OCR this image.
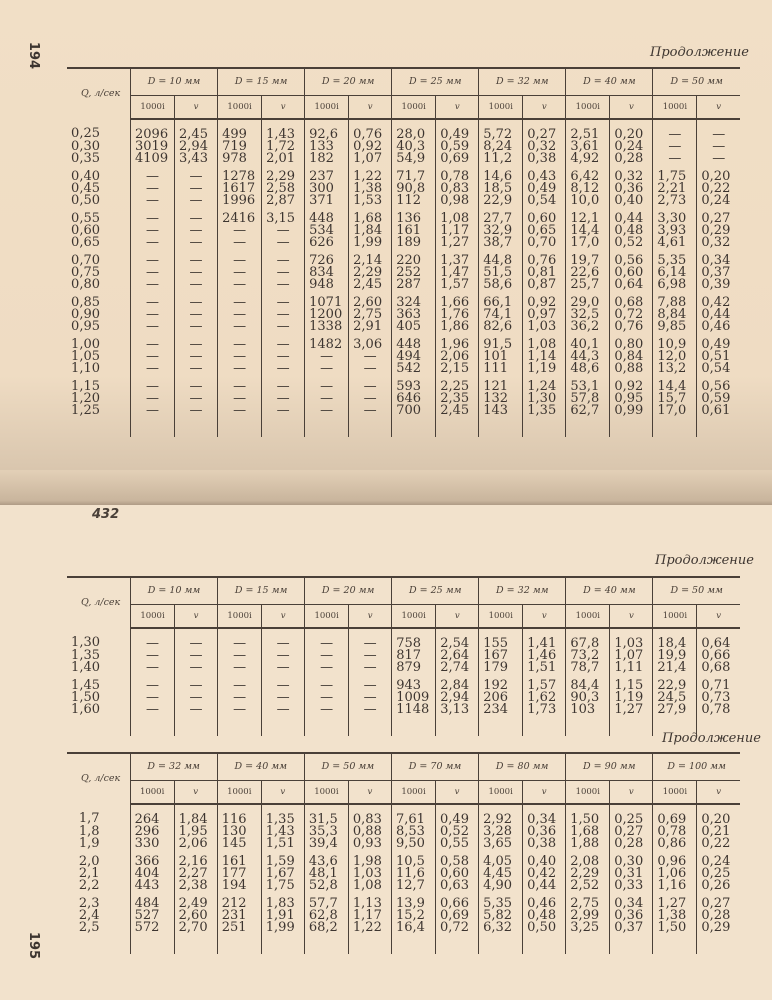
194
432
195
Продолжение
Продолжение
Продолжение
Q, л/сек	D = 10 мм		D = 15 мм		D = 20 мм		D = 25 мм		D = 32 мм		D = 40 мм		D = 50 мм	
	1000i	v	1000i	v	1000i	v	1000i	v	1000i	v	1000i	v	1000i	v
0,25	2096	2,45	499	1,43	92,6	0,76	28,0	0,49	5,72	0,27	2,51	0,20	—	—
0,30	3019	2,94	719	1,72	133	0,92	40,3	0,59	8,24	0,32	3,61	0,24	—	—
0,35	4109	3,43	978	2,01	182	1,07	54,9	0,69	11,2	0,38	4,92	0,28	—	—
0,40	—	—	1278	2,29	237	1,22	71,7	0,78	14,6	0,43	6,42	0,32	1,75	0,20
0,45	—	—	1617	2,58	300	1,38	90,8	0,83	18,5	0,49	8,12	0,36	2,21	0,22
0,50	—	—	1996	2,87	371	1,53	112	0,98	22,9	0,54	10,0	0,40	2,73	0,24
0,55	—	—	2416	3,15	448	1,68	136	1,08	27,7	0,60	12,1	0,44	3,30	0,27
0,60	—	—	—	—	534	1,84	161	1,17	32,9	0,65	14,4	0,48	3,93	0,29
0,65	—	—	—	—	626	1,99	189	1,27	38,7	0,70	17,0	0,52	4,61	0,32
0,70	—	—	—	—	726	2,14	220	1,37	44,8	0,76	19,7	0,56	5,35	0,34
0,75	—	—	—	—	834	2,29	252	1,47	51,5	0,81	22,6	0,60	6,14	0,37
0,80	—	—	—	—	948	2,45	287	1,57	58,6	0,87	25,7	0,64	6,98	0,39
0,85	—	—	—	—	1071	2,60	324	1,66	66,1	0,92	29,0	0,68	7,88	0,42
0,90	—	—	—	—	1200	2,75	363	1,76	74,1	0,97	32,5	0,72	8,84	0,44
0,95	—	—	—	—	1338	2,91	405	1,86	82,6	1,03	36,2	0,76	9,85	0,46
1,00	—	—	—	—	1482	3,06	448	1,96	91,5	1,08	40,1	0,80	10,9	0,49
1,05	—	—	—	—	—	—	494	2,06	101	1,14	44,3	0,84	12,0	0,51
1,10	—	—	—	—	—	—	542	2,15	111	1,19	48,6	0,88	13,2	0,54
1,15	—	—	—	—	—	—	593	2,25	121	1,24	53,1	0,92	14,4	0,56
1,20	—	—	—	—	—	—	646	2,35	132	1,30	57,8	0,95	15,7	0,59
1,25	—	—	—	—	—	—	700	2,45	143	1,35	62,7	0,99	17,0	0,61

Q, л/сек	D = 10 мм		D = 15 мм		D = 20 мм		D = 25 мм		D = 32 мм		D = 40 мм		D = 50 мм	
	1000i	v	1000i	v	1000i	v	1000i	v	1000i	v	1000i	v	1000i	v
1,30	—	—	—	—	—	—	758	2,54	155	1,41	67,8	1,03	18,4	0,64
1,35	—	—	—	—	—	—	817	2,64	167	1,46	73,2	1,07	19,9	0,66
1,40	—	—	—	—	—	—	879	2,74	179	1,51	78,7	1,11	21,4	0,68
1,45	—	—	—	—	—	—	943	2,84	192	1,57	84,4	1,15	22,9	0,71
1,50	—	—	—	—	—	—	1009	2,94	206	1,62	90,3	1,19	24,5	0,73
1,60	—	—	—	—	—	—	1148	3,13	234	1,73	103	1,27	27,9	0,78

Q, л/сек	D = 32 мм		D = 40 мм		D = 50 мм		D = 70 мм		D = 80 мм		D = 90 мм		D = 100 мм	
	1000i	v	1000i	v	1000i	v	1000i	v	1000i	v	1000i	v	1000i	v
1,7	264	1,84	116	1,35	31,5	0,83	7,61	0,49	2,92	0,34	1,50	0,25	0,69	0,20
1,8	296	1,95	130	1,43	35,3	0,88	8,53	0,52	3,28	0,36	1,68	0,27	0,78	0,21
1,9	330	2,06	145	1,51	39,4	0,93	9,50	0,55	3,65	0,38	1,88	0,28	0,86	0,22
2,0	366	2,16	161	1,59	43,6	1,98	10,5	0,58	4,05	0,40	2,08	0,30	0,96	0,24
2,1	404	2,27	177	1,67	48,1	1,03	11,6	0,60	4,45	0,42	2,29	0,31	1,06	0,25
2,2	443	2,38	194	1,75	52,8	1,08	12,7	0,63	4,90	0,44	2,52	0,33	1,16	0,26
2,3	484	2,49	212	1,83	57,7	1,13	13,9	0,66	5,35	0,46	2,75	0,34	1,27	0,27
2,4	527	2,60	231	1,91	62,8	1,17	15,2	0,69	5,82	0,48	2,99	0,36	1,38	0,28
2,5	572	2,70	251	1,99	68,2	1,22	16,4	0,72	6,32	0,50	3,25	0,37	1,50	0,29
